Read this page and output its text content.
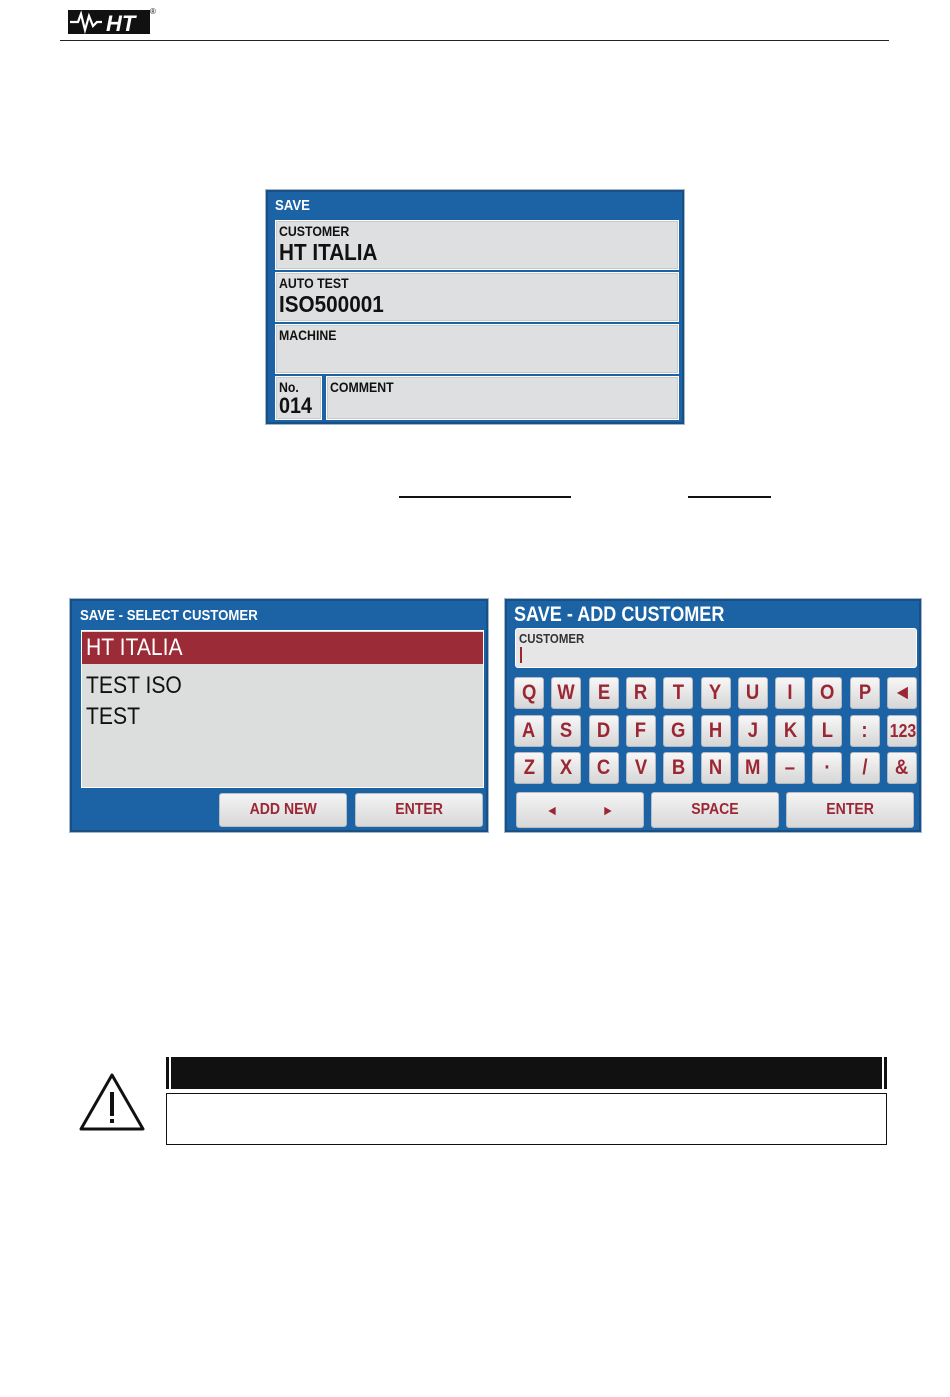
HT ®
SAVE
CUSTOMER
HT ITALIA
AUTO TEST
ISO500001
MACHINE
No.
014
COMMENT
SAVE - SELECT CUSTOMER
HT ITALIA
TEST ISO
TEST
ADD NEW	ENTER
SAVE - ADD CUSTOMER
CUSTOMER
Q	W	E	R	T	Y	U	I	O	P	◄
A	S	D	F	G	H	J	K	L	:	123
Z	X	C	V	B	N	M	–	·	/	&
◄	►	SPACE	ENTER
